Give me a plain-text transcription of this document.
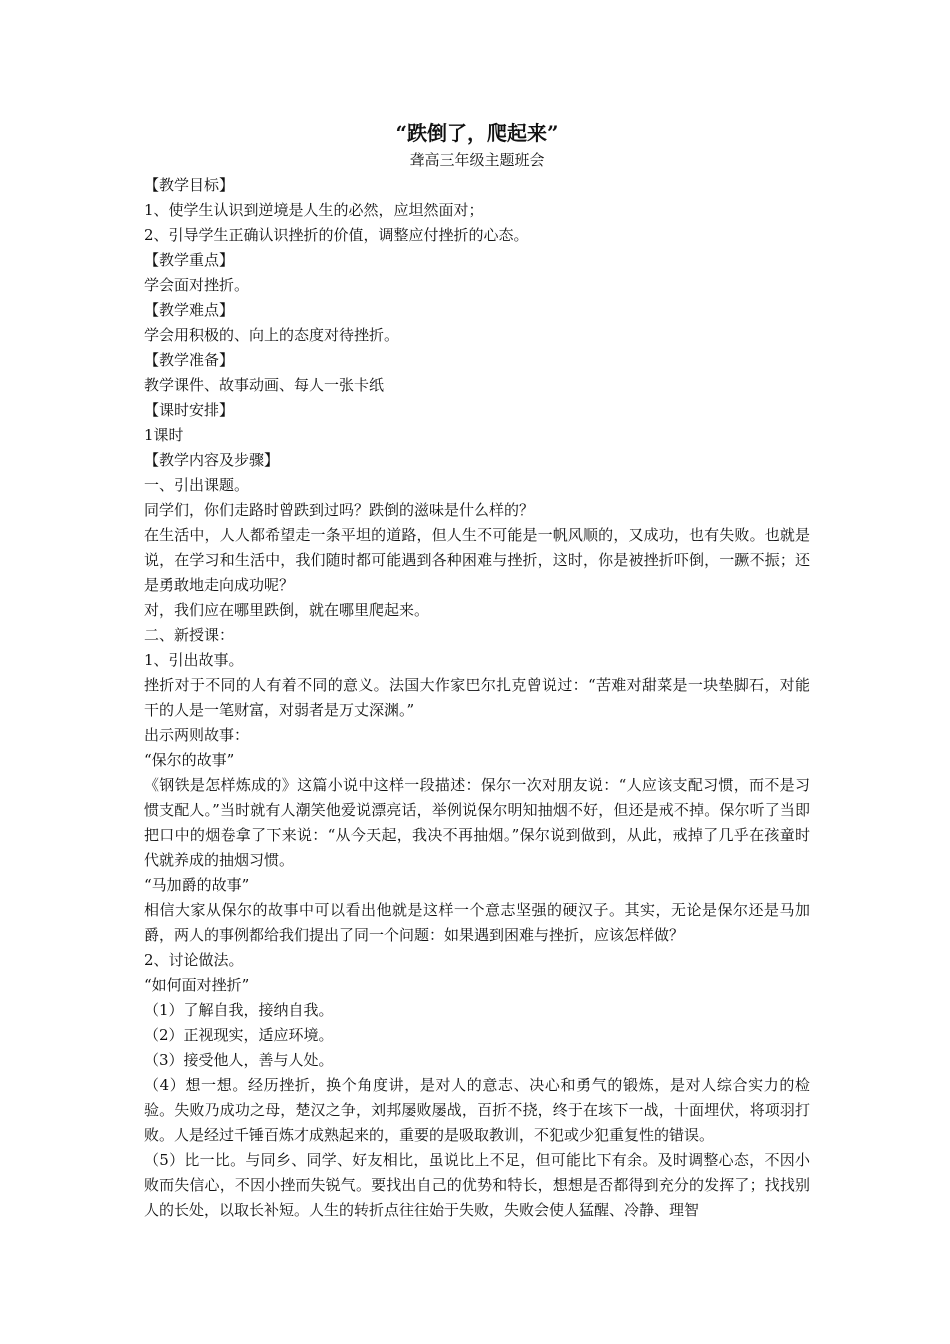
“跌倒了，爬起来”
聋高三年级主题班会
【教学目标】
1、使学生认识到逆境是人生的必然，应坦然面对；
2、引导学生正确认识挫折的价值，调整应付挫折的心态。
【教学重点】
学会面对挫折。
【教学难点】
学会用积极的、向上的态度对待挫折。
【教学准备】
教学课件、故事动画、每人一张卡纸
【课时安排】
1课时
【教学内容及步骤】
一、引出课题。
同学们，你们走路时曾跌到过吗？跌倒的滋味是什么样的？
在生活中，人人都希望走一条平坦的道路，但人生不可能是一帆风顺的，又成功，也有失败。也就是说，在学习和生活中，我们随时都可能遇到各种困难与挫折，这时，你是被挫折吓倒，一蹶不振；还是勇敢地走向成功呢？
对，我们应在哪里跌倒，就在哪里爬起来。
二、新授课：
1、引出故事。
挫折对于不同的人有着不同的意义。法国大作家巴尔扎克曾说过：“苦难对甜菜是一块垫脚石，对能干的人是一笔财富，对弱者是万丈深渊。”
出示两则故事：
“保尔的故事”
《钢铁是怎样炼成的》这篇小说中这样一段描述：保尔一次对朋友说：“人应该支配习惯，而不是习惯支配人。”当时就有人潮笑他爱说漂亮话，举例说保尔明知抽烟不好，但还是戒不掉。保尔听了当即把口中的烟卷拿了下来说：“从今天起，我决不再抽烟。”保尔说到做到，从此，戒掉了几乎在孩童时代就养成的抽烟习惯。
“马加爵的故事”
相信大家从保尔的故事中可以看出他就是这样一个意志坚强的硬汉子。其实，无论是保尔还是马加爵，两人的事例都给我们提出了同一个问题：如果遇到困难与挫折，应该怎样做？
2、讨论做法。
“如何面对挫折”
（1）了解自我，接纳自我。
（2）正视现实，适应环境。
（3）接受他人，善与人处。
（4）想一想。经历挫折，换个角度讲，是对人的意志、决心和勇气的锻炼，是对人综合实力的检验。失败乃成功之母，楚汉之争，刘邦屡败屡战，百折不挠，终于在垓下一战，十面埋伏，将项羽打败。人是经过千锤百炼才成熟起来的，重要的是吸取教训，不犯或少犯重复性的错误。
（5）比一比。与同乡、同学、好友相比，虽说比上不足，但可能比下有余。及时调整心态，不因小败而失信心，不因小挫而失锐气。要找出自己的优势和特长，想想是否都得到充分的发挥了；找找别人的长处，以取长补短。人生的转折点往往始于失败，失败会使人猛醒、冷静、理智
